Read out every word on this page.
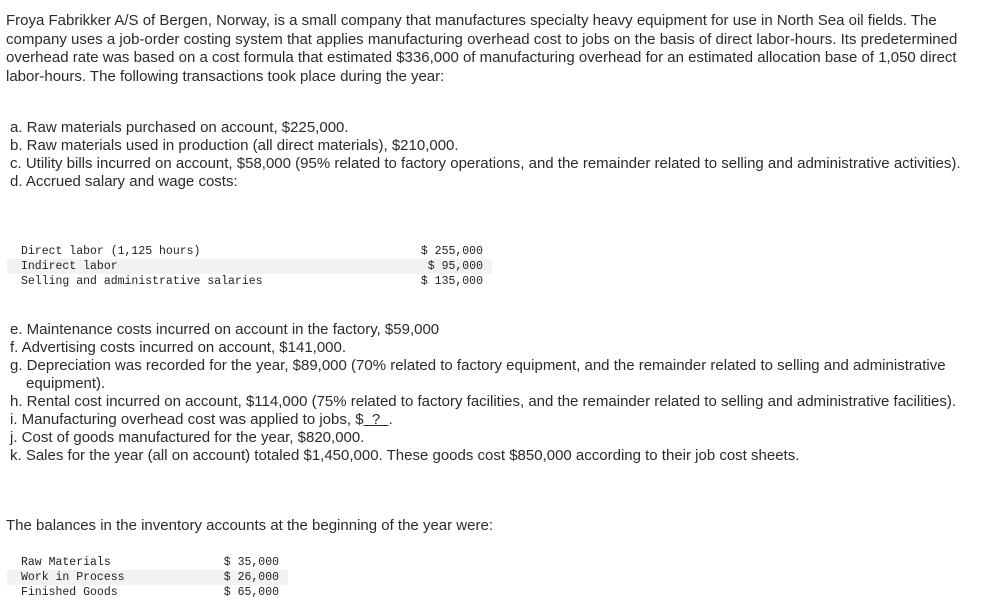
Froya Fabrikker A/S of Bergen, Norway, is a small company that manufactures specialty heavy equipment for use in North Sea oil fields. The company uses a job-order costing system that applies manufacturing overhead cost to jobs on the basis of direct labor-hours. Its predetermined overhead rate was based on a cost formula that estimated $336,000 of manufacturing overhead for an estimated allocation base of 1,050 direct labor-hours. The following transactions took place during the year:

a. Raw materials purchased on account, $225,000.
b. Raw materials used in production (all direct materials), $210,000.
c. Utility bills incurred on account, $58,000 (95% related to factory operations, and the remainder related to selling and administrative activities).
d. Accrued salary and wage costs:
Direct labor (1,125 hours)	$ 255,000
Indirect labor	$ 95,000
Selling and administrative salaries	$ 135,000
e. Maintenance costs incurred on account in the factory, $59,000
f. Advertising costs incurred on account, $141,000.
g. Depreciation was recorded for the year, $89,000 (70% related to factory equipment, and the remainder related to selling and administrative equipment).
h. Rental cost incurred on account, $114,000 (75% related to factory facilities, and the remainder related to selling and administrative facilities).
i. Manufacturing overhead cost was applied to jobs, $  ?  .
j. Cost of goods manufactured for the year, $820,000.
k. Sales for the year (all on account) totaled $1,450,000. These goods cost $850,000 according to their job cost sheets.

The balances in the inventory accounts at the beginning of the year were:

Raw Materials	$ 35,000
Work in Process	$ 26,000
Finished Goods	$ 65,000
